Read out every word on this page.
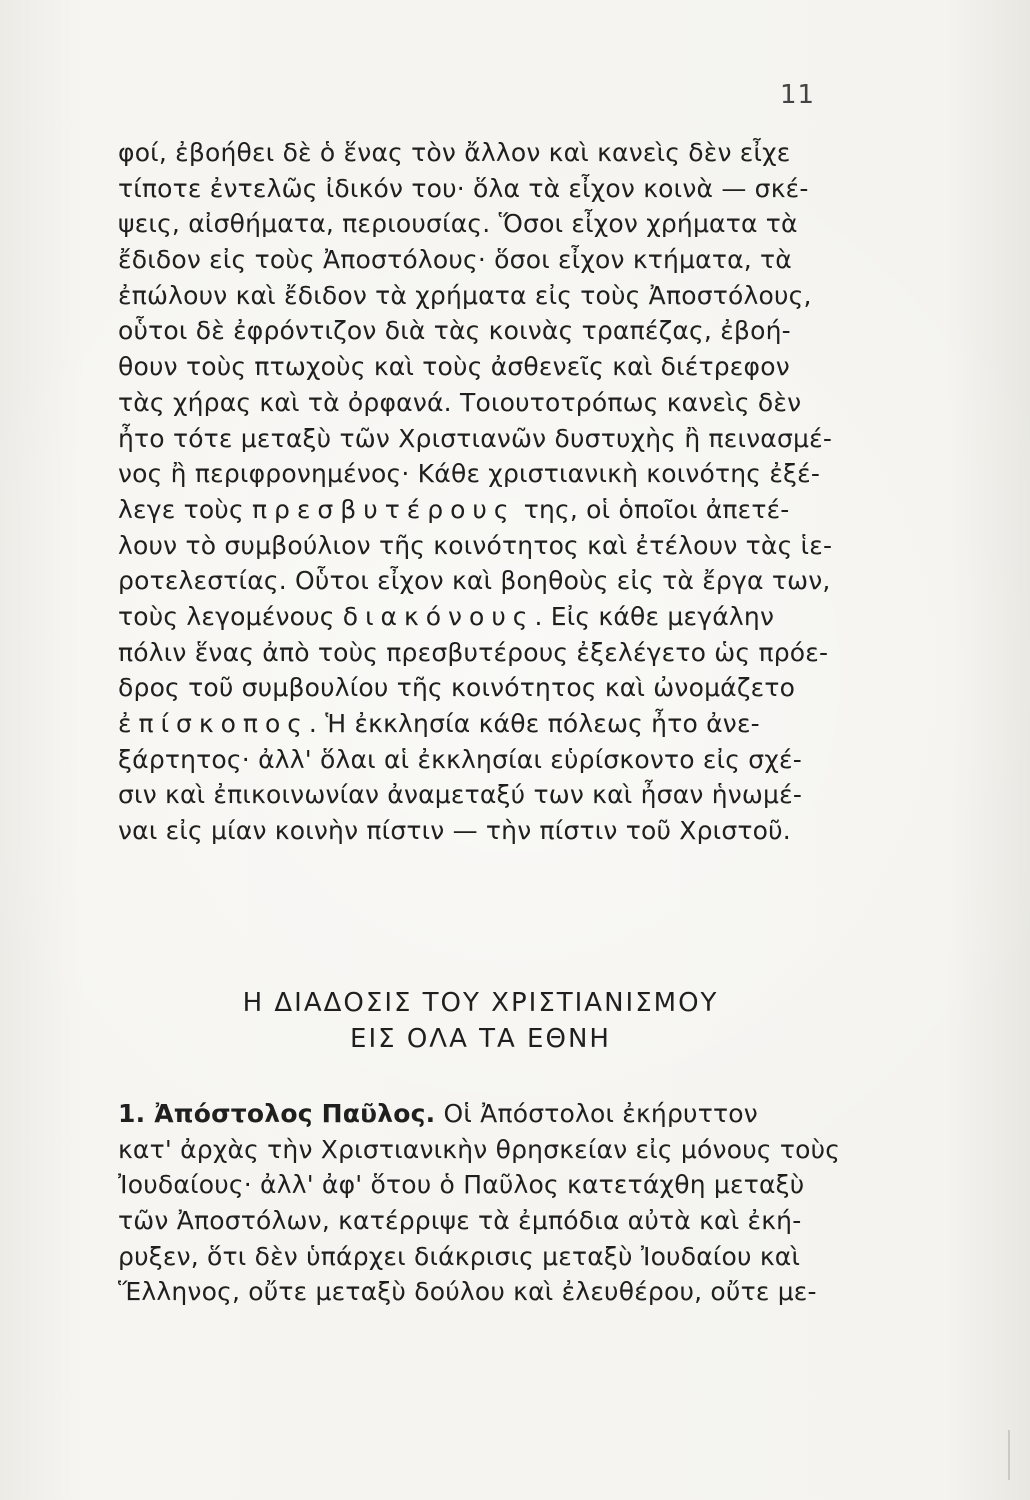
11
φοί, ἐβοήθει δὲ ὁ ἕνας τὸν ἄλλον καὶ κανεὶς δὲν εἶχε
τίποτε ἐντελῶς ἰδικόν του· ὅλα τὰ εἶχον κοινὰ — σκέ-
ψεις, αἰσθήματα, περιουσίας. Ὅσοι εἶχον χρήματα τὰ
ἔδιδον εἰς τοὺς Ἀποστόλους· ὅσοι εἶχον κτήματα, τὰ
ἐπώλουν καὶ ἔδιδον τὰ χρήματα εἰς τοὺς Ἀποστόλους,
οὗτοι δὲ ἐφρόντιζον διὰ τὰς κοινὰς τραπέζας, ἐβοή-
θουν τοὺς πτωχοὺς καὶ τοὺς ἀσθενεῖς καὶ διέτρεφον
τὰς χήρας καὶ τὰ ὀρφανά. Τοιουτοτρόπως κανεὶς δὲν
ἦτο τότε μεταξὺ τῶν Χριστιανῶν δυστυχὴς ἢ πεινασμέ-
νος ἢ περιφρονημένος· Κάθε χριστιανικὴ κοινότης ἐξέ-
λεγε τοὺς πρεσβυτέρους της, οἱ ὁποῖοι ἀπετέ-
λουν τὸ συμβούλιον τῆς κοινότητος καὶ ἐτέλουν τὰς ἱε-
ροτελεστίας. Οὗτοι εἶχον καὶ βοηθοὺς εἰς τὰ ἔργα των,
τοὺς λεγομένους διακόνους. Εἰς κάθε μεγάλην
πόλιν ἕνας ἀπὸ τοὺς πρεσβυτέρους ἐξελέγετο ὡς πρόε-
δρος τοῦ συμβουλίου τῆς κοινότητος καὶ ὠνομάζετο
ἐπίσκοπος. Ἡ ἐκκλησία κάθε πόλεως ἦτο ἀνε-
ξάρτητος· ἀλλ' ὅλαι αἱ ἐκκλησίαι εὑρίσκοντο εἰς σχέ-
σιν καὶ ἐπικοινωνίαν ἀναμεταξύ των καὶ ἦσαν ἡνωμέ-
ναι εἰς μίαν κοινὴν πίστιν — τὴν πίστιν τοῦ Χριστοῦ.
Η ΔΙΑΔΟΣΙΣ ΤΟΥ ΧΡΙΣΤΙΑΝΙΣΜΟΥ
ΕΙΣ ΟΛΑ ΤΑ ΕΘΝΗ
1. Ἀπόστολος Παῦλος. Οἱ Ἀπόστολοι ἐκήρυττον
κατ' ἀρχὰς τὴν Χριστιανικὴν θρησκείαν εἰς μόνους τοὺς
Ἰουδαίους· ἀλλ' ἀφ' ὅτου ὁ Παῦλος κατετάχθη μεταξὺ
τῶν Ἀποστόλων, κατέρριψε τὰ ἐμπόδια αὐτὰ καὶ ἐκή-
ρυξεν, ὅτι δὲν ὑπάρχει διάκρισις μεταξὺ Ἰουδαίου καὶ
Ἕλληνος, οὔτε μεταξὺ δούλου καὶ ἐλευθέρου, οὔτε με-
